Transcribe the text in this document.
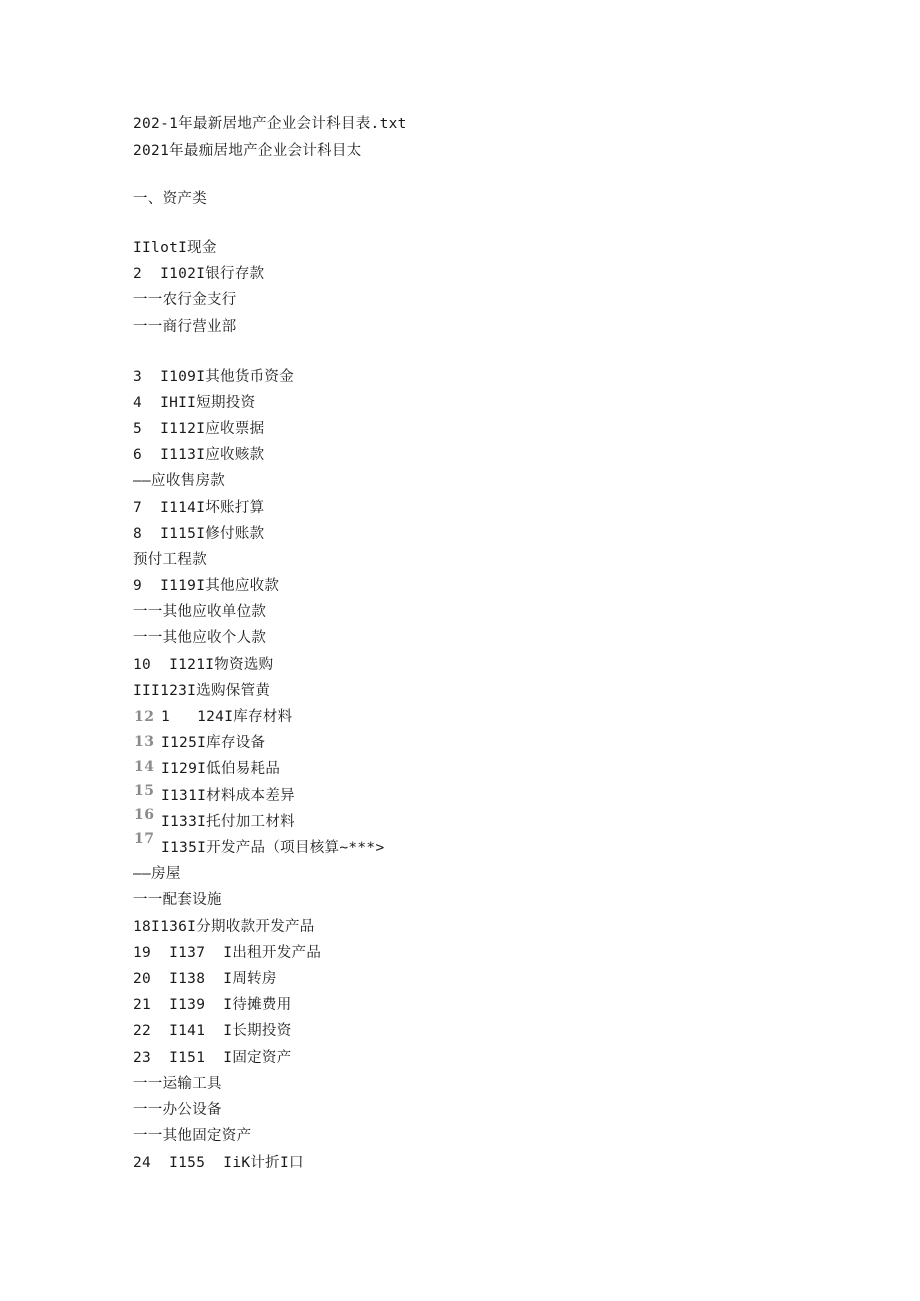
202-1年最新居地产企业会计科目表.txt
2021年最痂居地产企业会计科目太
一、资产类
IIlotI现金
2  I102I银行存款
一一农行金支行
一一商行营业部
3  I109I其他货币资金
4  IHII短期投资
5  I112I应收票据
6  I113I应收赅款
——应收售房款
7  I114I坏账打算
8  I115I修付账款
预付工程款
9  I119I其他应收款
一一其他应收单位款
一一其他应收个人款
10  I121I物资选购
III123I选购保管黄
12 1   124I库存材料
13 I125I库存设备
14 I129I低伯易耗品
15 I131I材料成本差异
16 I133I托付加工材料
17
I135I开发产品（项目核算~***>
——房屋
一一配套设施
18I136I分期收款开发产品
19  I137  I出租开发产品
20  I138  I周转房
21  I139  I待摊费用
22  I141  I长期投资
23  I151  I固定资产
一一运输工具
一一办公设备
一一其他固定资产
24  I155  IiK计折I口
